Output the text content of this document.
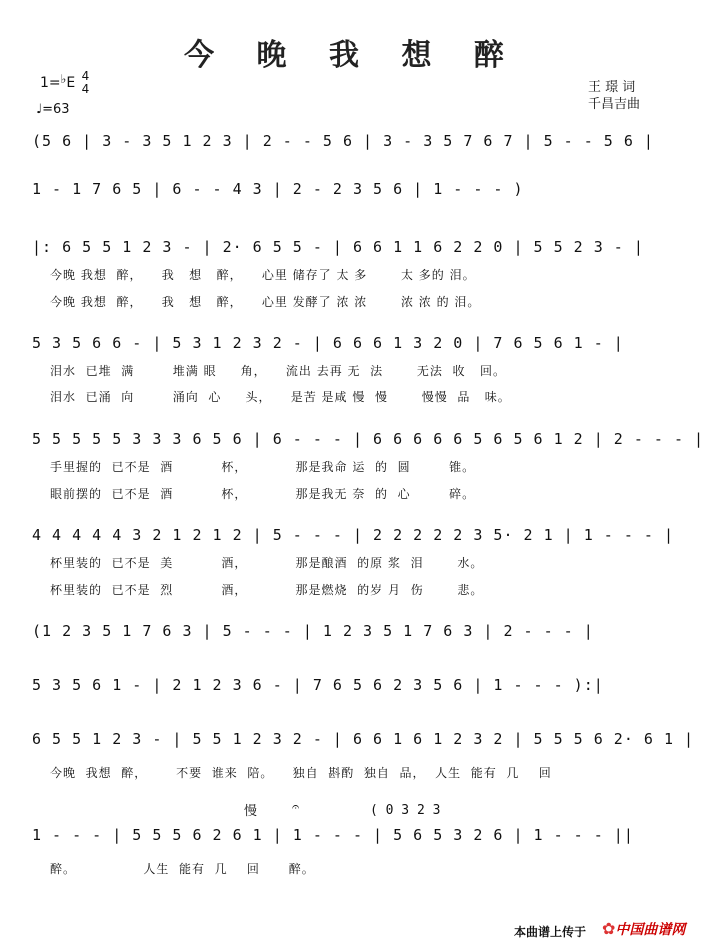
今 晚 我 想 醉
1=♭E 4
4
♩=63
王 璟 词
千昌吉曲
(5 6 | 3 - 3 5 1 2 3 | 2 - - 5 6 | 3 - 3 5 7 6 7 | 5 - - 5 6 |
1 - 1 7 6 5 | 6 - - 4 3 | 2 - 2 3 5 6 | 1 - - - )
|: 6 5 5 1 2 3 - | 2· 6 5 5 - | 6 6 1 1 6 2 2 0 | 5 5 2 3 - |
今晚 我想  醉，    我   想   醉，    心里 储存了 太 多       太 多的 泪。
今晚 我想  醉，    我   想   醉，    心里 发酵了 浓 浓       浓 浓 的 泪。
5 3 5 6 6 - | 5 3 1 2 3 2 - | 6 6 6 1 3 2 0 | 7 6 5 6 1 - |
泪水  已堆  满        堆满 眼     角，    流出 去再 无  法       无法  收   回。
泪水  已涌  向        涌向  心     头，    是苦 是咸 慢  慢       慢慢  品   味。
5 5 5 5 5 3 3 3 6 5 6 | 6 - - - | 6 6 6 6 6 5 6 5 6 1 2 | 2 - - - |
手里握的  已不是  酒          杯，          那是我命 运  的  圆        锥。
眼前摆的  已不是  酒          杯，          那是我无 奈  的  心        碎。
4 4 4 4 4 3 2 1 2 1 2 | 5 - - - | 2 2 2 2 2 3 5· 2 1 | 1 - - - |
杯里装的  已不是  美          酒，          那是酿酒  的原 浆  泪       水。
杯里装的  已不是  烈          酒，          那是燃烧  的岁 月  伤       悲。
(1 2 3 5 1 7 6 3 | 5 - - - | 1 2 3 5 1 7 6 3 | 2 - - - |
5 3 5 6 1 - | 2 1 2 3 6 - | 7 6 5 6 2 3 5 6 | 1 - - - ):|
6 5 5 1 2 3 - | 5 5 1 2 3 2 - | 6 6 1 6 1 2 3 2 | 5 5 5 6 2· 6 1 |
今晚  我想  醉，      不要  谁来  陪。    独自  斟酌  独自  品，  人生  能有  几    回
慢	𝄐	( 0 3 2 3
1 - - - | 5 5 5 6 2 6 1 | 1 - - - | 5 6 5 3 2 6 | 1 - - - ||
醉。              人生  能有  几    回      醉。
本曲谱上传于 ✿中国曲谱网
